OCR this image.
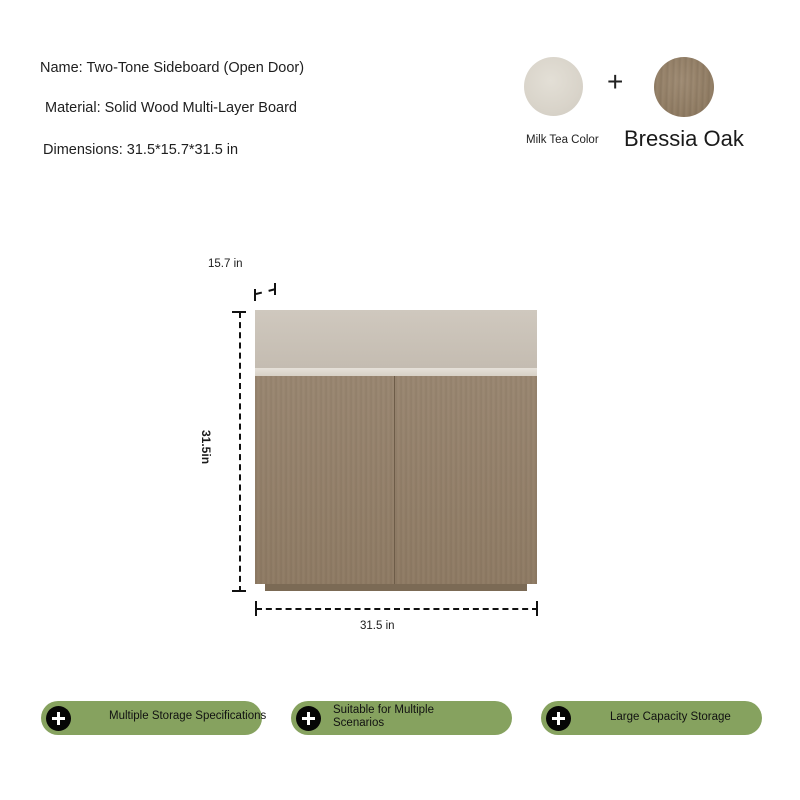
Name: Two-Tone Sideboard (Open Door)
Material: Solid Wood Multi-Layer Board
Dimensions: 31.5*15.7*31.5 in
+
Milk Tea Color Bressia Oak
15.7 in
31.5in
31.5 in
Multiple Storage Specifications	Suitable for Multiple
Scenarios	Large Capacity Storage
